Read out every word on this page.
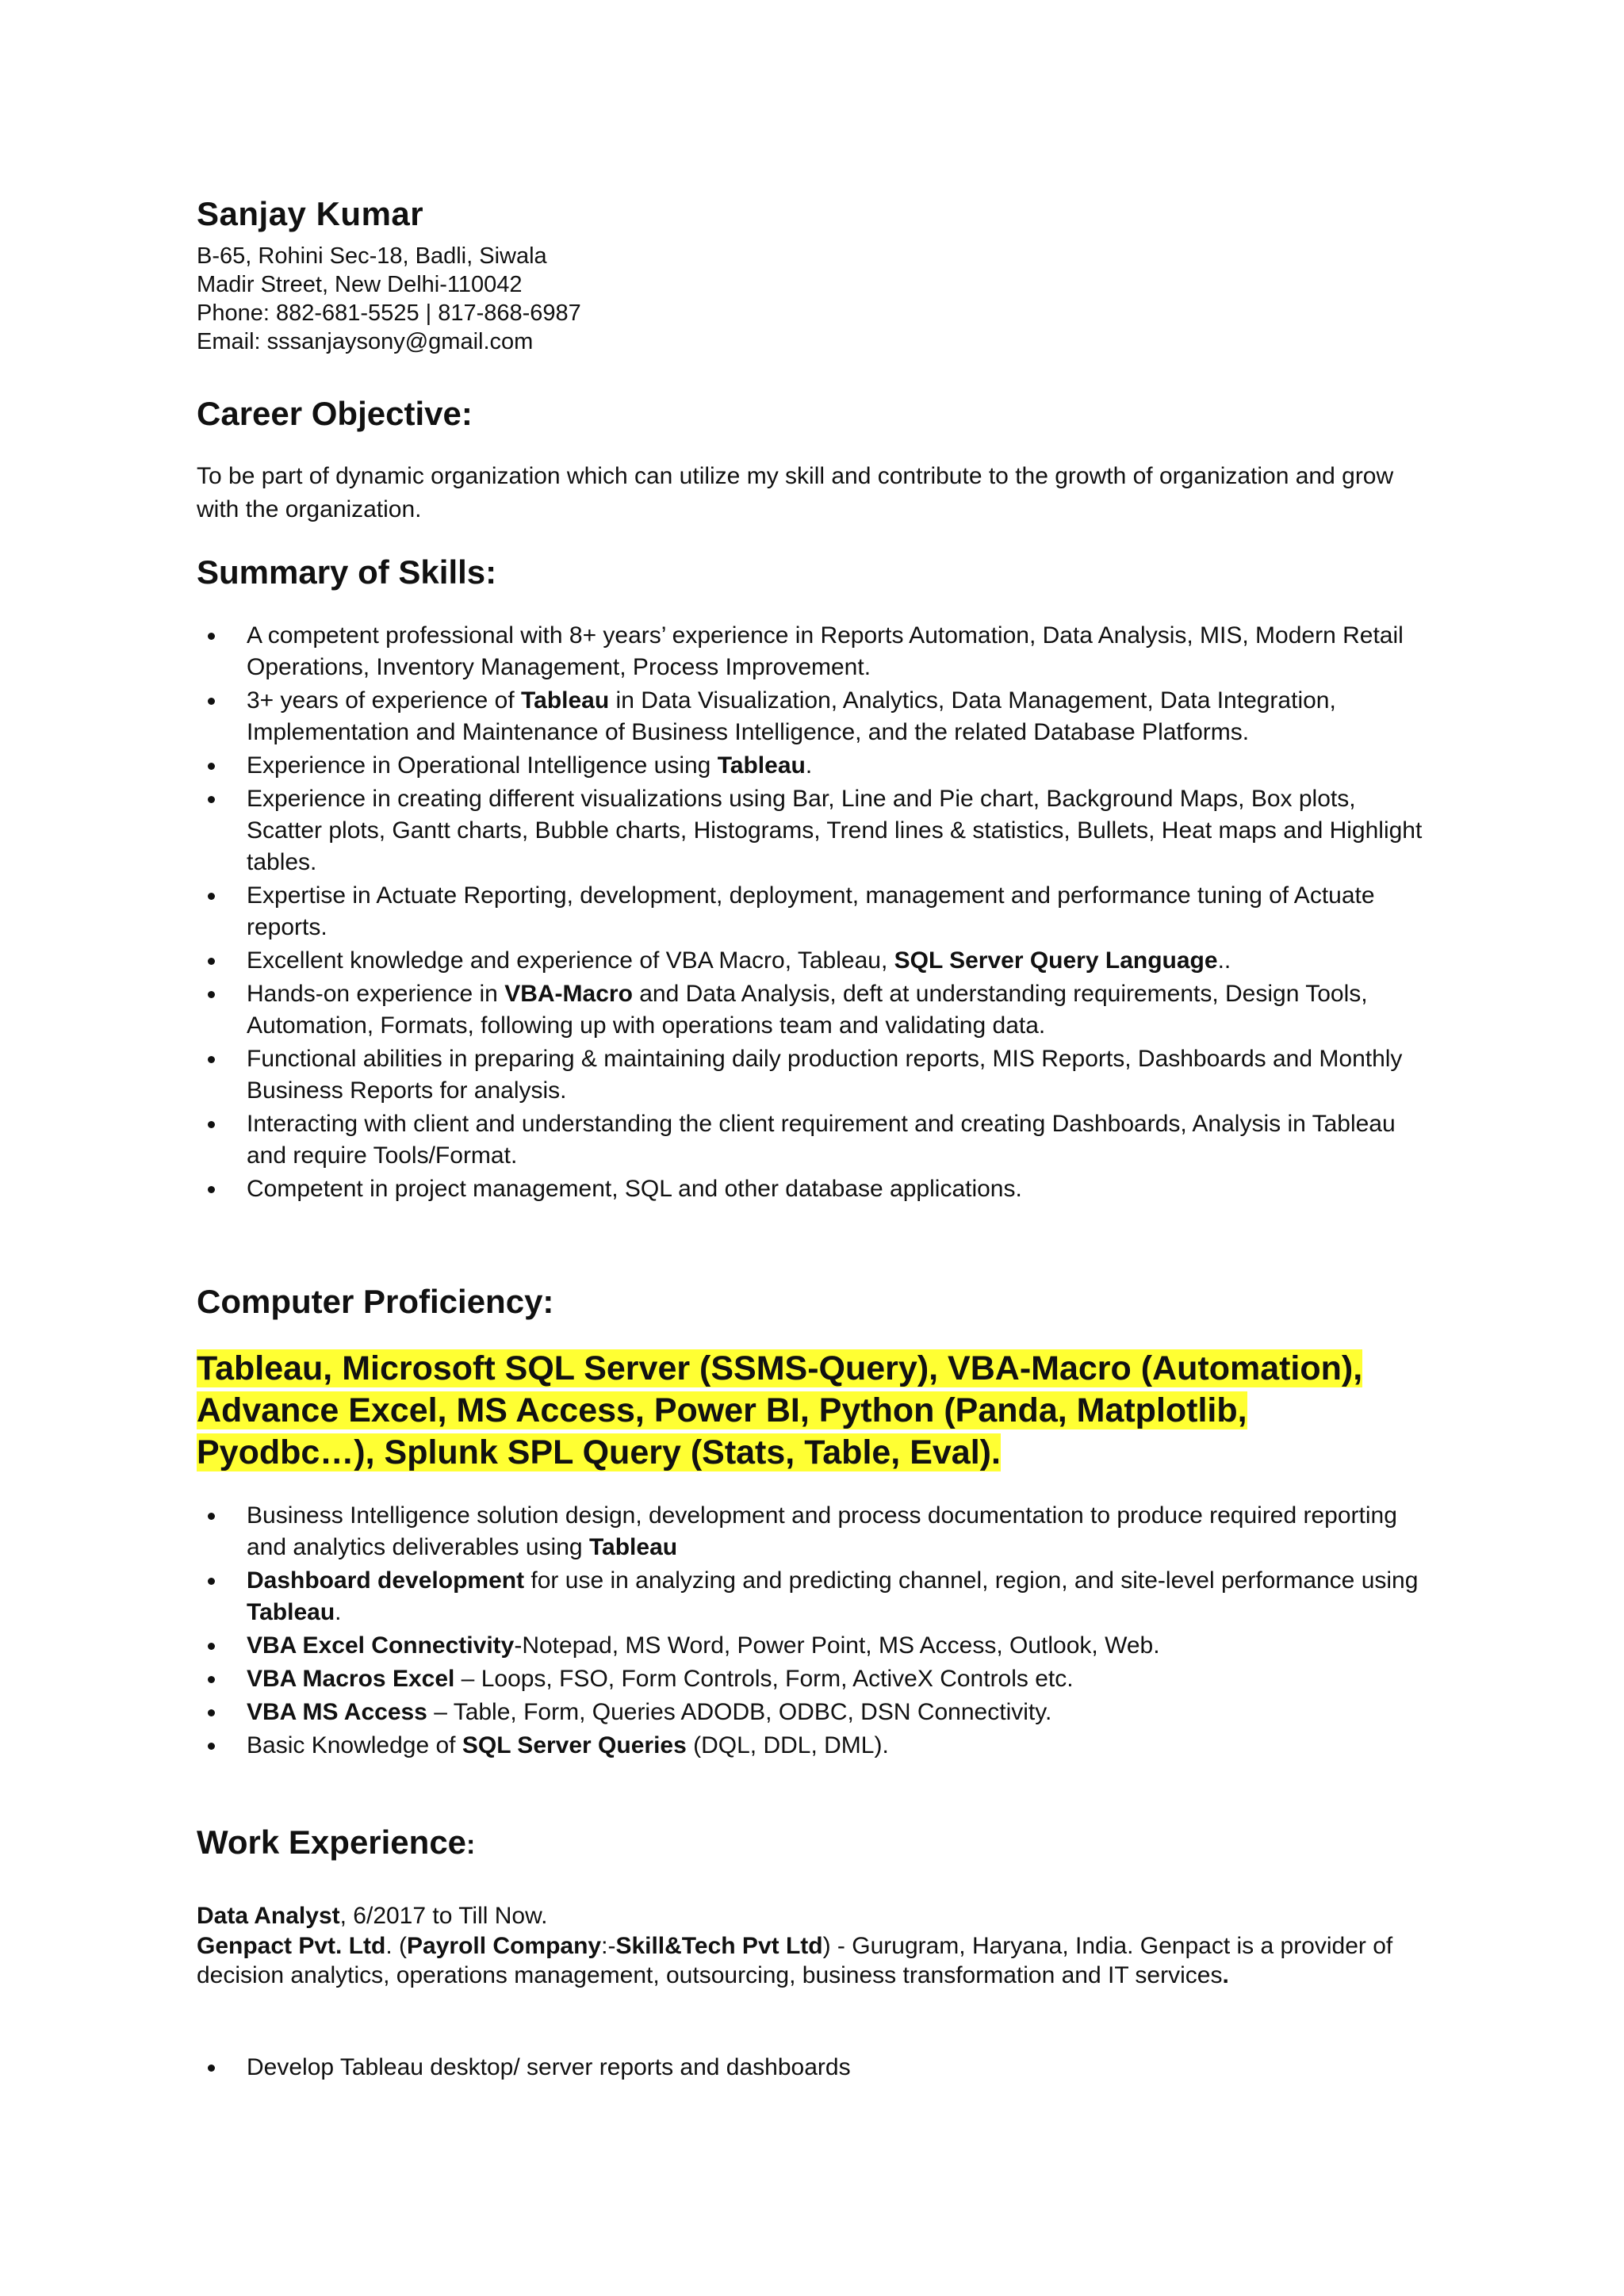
Sanjay Kumar
B-65, Rohini Sec-18, Badli, Siwala
Madir Street, New Delhi-110042
Phone: 882-681-5525 | 817-868-6987
Email: sssanjaysony@gmail.com
Career Objective:
To be part of dynamic organization which can utilize my skill and contribute to the growth of organization and grow with the organization.
Summary of Skills:
A competent professional with 8+ years’ experience in Reports Automation, Data Analysis, MIS, Modern Retail Operations, Inventory Management, Process Improvement.
3+ years of experience of Tableau in Data Visualization, Analytics, Data Management, Data Integration, Implementation and Maintenance of Business Intelligence, and the related Database Platforms.
Experience in Operational Intelligence using Tableau.
Experience in creating different visualizations using Bar, Line and Pie chart, Background Maps, Box plots, Scatter plots, Gantt charts, Bubble charts, Histograms, Trend lines & statistics, Bullets, Heat maps and Highlight tables.
Expertise in Actuate Reporting, development, deployment, management and performance tuning of Actuate reports.
Excellent knowledge and experience of VBA Macro, Tableau, SQL Server Query Language..
Hands-on experience in VBA-Macro and Data Analysis, deft at understanding requirements, Design Tools, Automation, Formats, following up with operations team and validating data.
Functional abilities in preparing & maintaining daily production reports, MIS Reports, Dashboards and Monthly Business Reports for analysis.
Interacting with client and understanding the client requirement and creating Dashboards, Analysis in Tableau and require Tools/Format.
Competent in project management, SQL and other database applications.
Computer Proficiency:
Tableau, Microsoft SQL Server (SSMS-Query), VBA-Macro (Automation), Advance Excel, MS Access, Power BI, Python (Panda, Matplotlib, Pyodbc…), Splunk SPL Query (Stats, Table, Eval).
Business Intelligence solution design, development and process documentation to produce required reporting and analytics deliverables using Tableau
Dashboard development for use in analyzing and predicting channel, region, and site-level performance using Tableau.
VBA Excel Connectivity-Notepad, MS Word, Power Point, MS Access, Outlook, Web.
VBA Macros Excel – Loops, FSO, Form Controls, Form, ActiveX Controls etc.
VBA MS Access – Table, Form, Queries ADODB, ODBC, DSN Connectivity.
Basic Knowledge of SQL Server Queries (DQL, DDL, DML).
Work Experience:
Data Analyst, 6/2017 to Till Now.
Genpact Pvt. Ltd. (Payroll Company:-Skill&Tech Pvt Ltd) - Gurugram, Haryana, India. Genpact is a provider of decision analytics, operations management, outsourcing, business transformation and IT services.
Develop Tableau desktop/ server reports and dashboards
